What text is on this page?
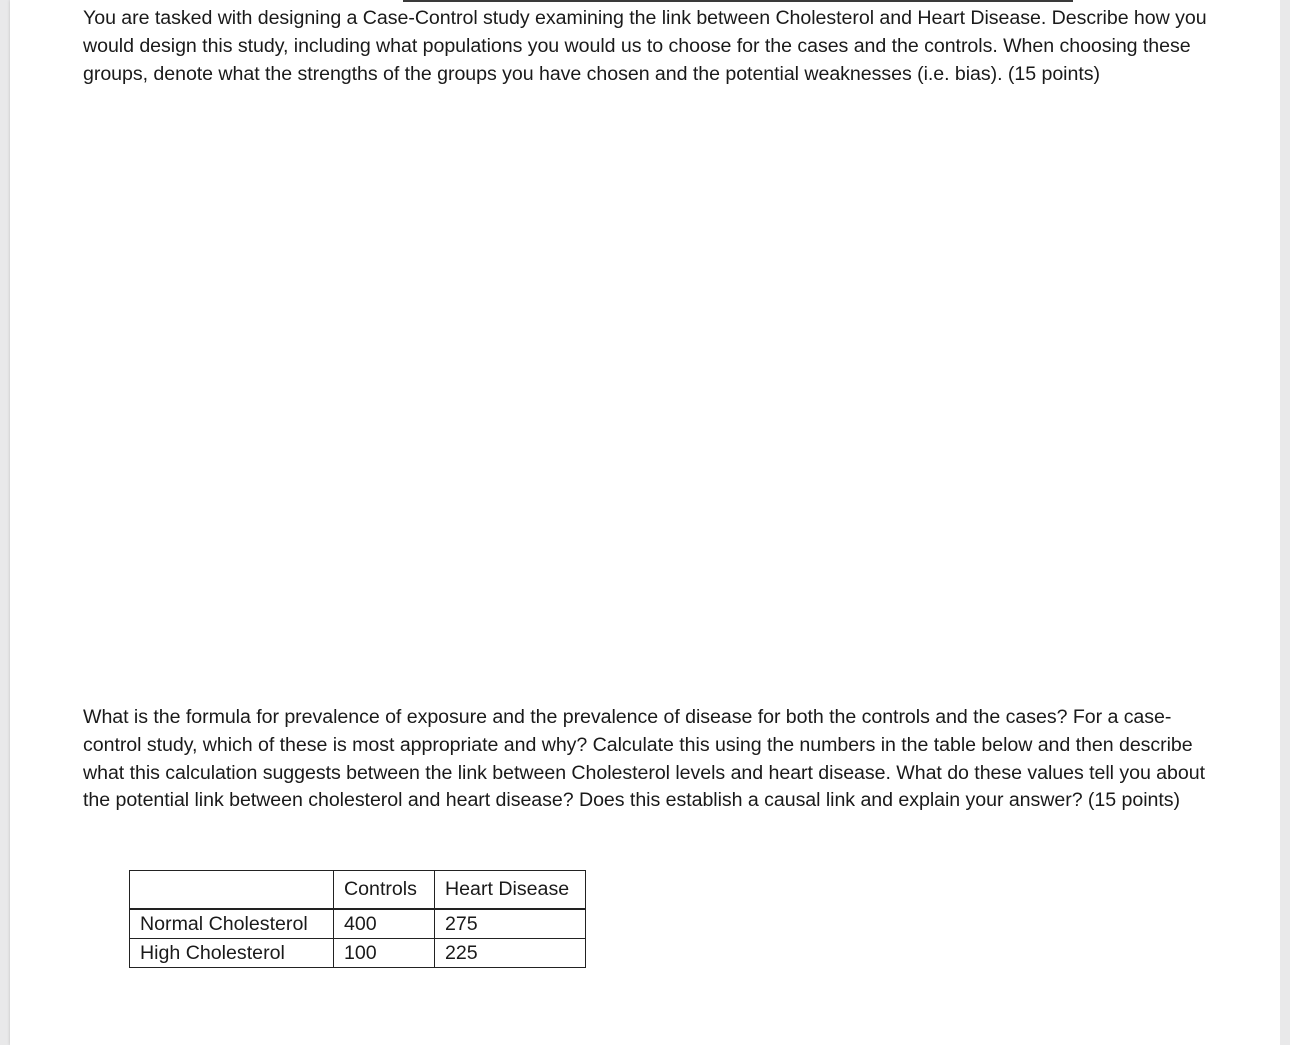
You are tasked with designing a Case-Control study examining the link between Cholesterol and Heart Disease. Describe how you would design this study, including what populations you would us to choose for the cases and the controls. When choosing these groups, denote what the strengths of the groups you have chosen and the potential weaknesses (i.e. bias). (15 points)

What is the formula for prevalence of exposure and the prevalence of disease for both the controls and the cases? For a case-control study, which of these is most appropriate and why? Calculate this using the numbers in the table below and then describe what this calculation suggests between the link between Cholesterol levels and heart disease. What do these values tell you about the potential link between cholesterol and heart disease? Does this establish a causal link and explain your answer? (15 points)

	Controls	Heart Disease
Normal Cholesterol	400	275
High Cholesterol	100	225
